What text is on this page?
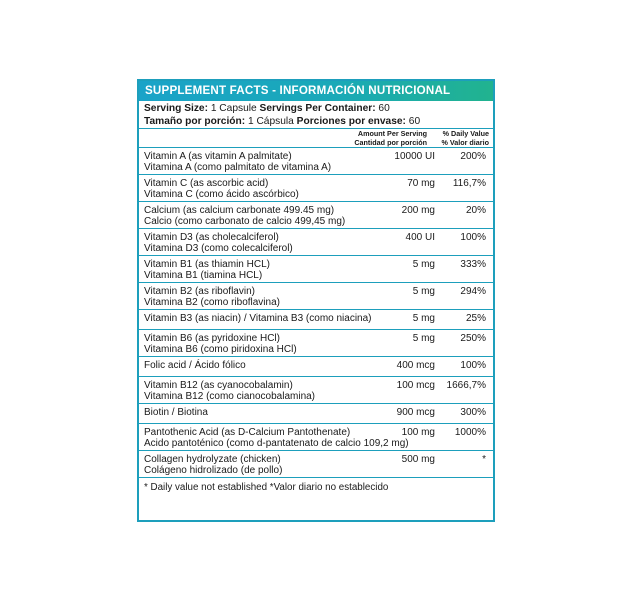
SUPPLEMENT FACTS - INFORMACIÓN NUTRICIONAL
Serving Size: 1 Capsule Servings Per Container: 60
Tamaño por porción: 1 Cápsula Porciones por envase: 60
Amount Per Serving
Cantidad por porción
% Daily Value
% Valor diario
Vitamin A (as vitamin A palmitate)
Vitamina A (como palmitato de vitamina A)
10000 UI	200%
Vitamin C (as ascorbic acid)
Vitamina C (como ácido ascórbico)
70 mg	116,7%
Calcium (as calcium carbonate 499.45 mg)
Calcio (como carbonato de calcio 499,45 mg)
200 mg	20%
Vitamin D3 (as cholecalciferol)
Vitamina D3 (como colecalciferol)
400 UI	100%
Vitamin B1 (as thiamin HCL)
Vitamina B1 (tiamina HCL)
5 mg	333%
Vitamin B2 (as riboflavin)
Vitamina B2 (como riboflavina)
5 mg	294%
Vitamin B3 (as niacin) / Vitamina B3 (como niacina)	5 mg	25%
Vitamin B6 (as pyridoxine HCl)
Vitamina B6 (como piridoxina HCl)
5 mg	250%
Folic acid / Ácido fólico	400 mcg	100%
Vitamin B12 (as cyanocobalamin)
Vitamina B12 (como cianocobalamina)
100 mcg	1666,7%
Biotin / Biotina	900 mcg	300%
Pantothenic Acid (as D-Calcium Pantothenate)
Acido pantoténico (como d-pantatenato de calcio 109,2 mg)
100 mg	1000%
Collagen hydrolyzate (chicken)
Colágeno hidrolizado (de pollo)
500 mg	*
* Daily value not established *Valor diario no establecido
